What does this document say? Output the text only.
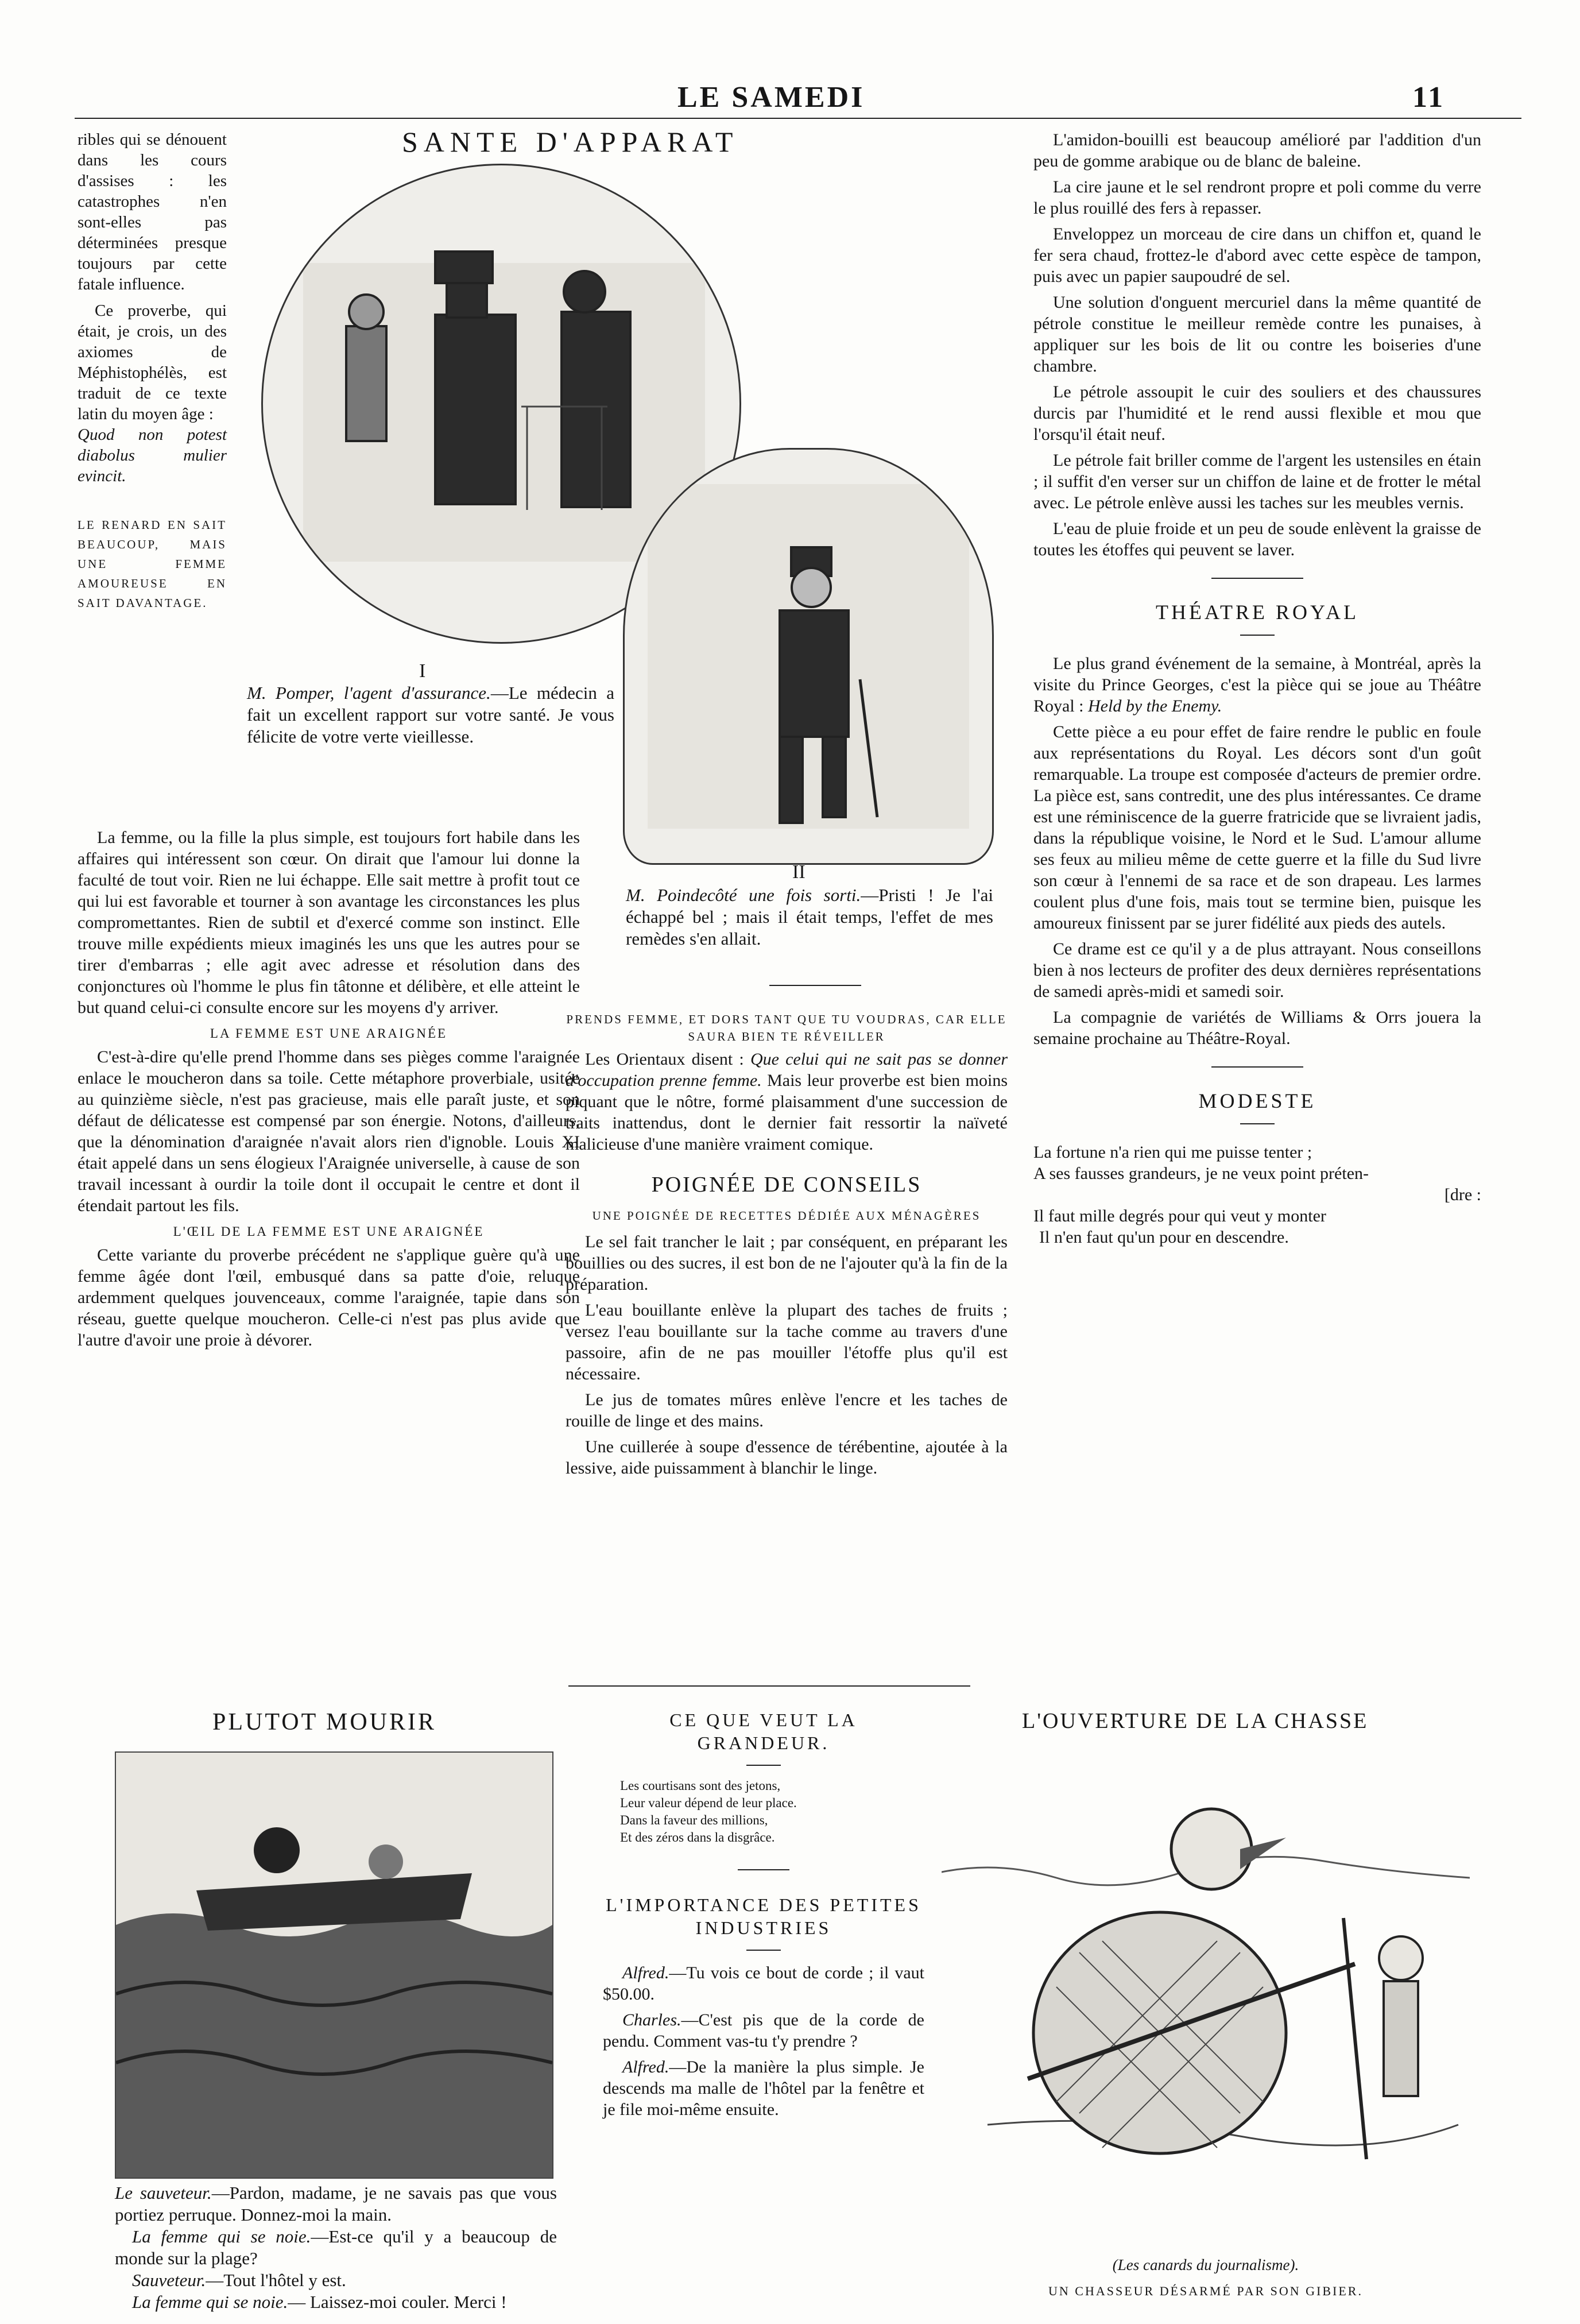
LE SAMEDI	11
ribles qui se dénouent dans les cours d'assises : les catastrophes n'en sont-elles pas déterminées presque toujours par cette fatale influence.
Ce proverbe, qui était, je crois, un des axiomes de Méphistophélès, est traduit de ce texte latin du moyen âge :
Quod non potest diabolus mulier evincit.
LE RENARD EN SAIT BEAUCOUP, MAIS UNE FEMME AMOUREUSE EN SAIT DAVANTAGE.
SANTE D'APPARAT
I
M. Pomper, l'agent d'assurance.—Le médecin a fait un excellent rapport sur votre santé. Je vous félicite de votre verte vieillesse.
II
M. Poindecôté une fois sorti.—Pristi ! Je l'ai échappé bel ; mais il était temps, l'effet de mes remèdes s'en allait.

La femme, ou la fille la plus simple, est toujours fort habile dans les affaires qui intéressent son cœur. On dirait que l'amour lui donne la faculté de tout voir. Rien ne lui échappe. Elle sait mettre à profit tout ce qui lui est favorable et tourner à son avantage les circonstances les plus compromettantes. Rien de subtil et d'exercé comme son instinct. Elle trouve mille expédients mieux imaginés les uns que les autres pour se tirer d'embarras ; elle agit avec adresse et résolution dans des conjonctures où l'homme le plus fin tâtonne et délibère, et elle atteint le but quand celui-ci consulte encore sur les moyens d'y arriver.

LA FEMME EST UNE ARAIGNÉE

C'est-à-dire qu'elle prend l'homme dans ses pièges comme l'araignée enlace le moucheron dans sa toile. Cette métaphore proverbiale, usitée au quinzième siècle, n'est pas gracieuse, mais elle paraît juste, et son défaut de délicatesse est compensé par son énergie. Notons, d'ailleurs, que la dénomination d'araignée n'avait alors rien d'ignoble. Louis XI était appelé dans un sens élogieux l'Araignée universelle, à cause de son travail incessant à ourdir la toile dont il occupait le centre et dont il étendait partout les fils.

L'ŒIL DE LA FEMME EST UNE ARAIGNÉE

Cette variante du proverbe précédent ne s'applique guère qu'à une femme âgée dont l'œil, embusqué dans sa patte d'oie, reluque ardemment quelques jouvenceaux, comme l'araignée, tapie dans son réseau, guette quelque moucheron. Celle-ci n'est pas plus avide que l'autre d'avoir une proie à dévorer.

PRENDS FEMME, ET DORS TANT QUE TU VOUDRAS, CAR ELLE SAURA BIEN TE RÉVEILLER

Les Orientaux disent : Que celui qui ne sait pas se donner d'occupation prenne femme. Mais leur proverbe est bien moins piquant que le nôtre, formé plaisamment d'une succession de traits inattendus, dont le dernier fait ressortir la naïveté malicieuse d'une manière vraiment comique.

POIGNÉE DE CONSEILS
UNE POIGNÉE DE RECETTES DÉDIÉE AUX MÉNAGÈRES

Le sel fait trancher le lait ; par conséquent, en préparant les bouillies ou des sucres, il est bon de ne l'ajouter qu'à la fin de la préparation.

L'eau bouillante enlève la plupart des taches de fruits ; versez l'eau bouillante sur la tache comme au travers d'une passoire, afin de ne pas mouiller l'étoffe plus qu'il est nécessaire.

Le jus de tomates mûres enlève l'encre et les taches de rouille de linge et des mains.

Une cuillerée à soupe d'essence de térébentine, ajoutée à la lessive, aide puissamment à blanchir le linge.

L'amidon-bouilli est beaucoup amélioré par l'addition d'un peu de gomme arabique ou de blanc de baleine.

La cire jaune et le sel rendront propre et poli comme du verre le plus rouillé des fers à repasser.

Enveloppez un morceau de cire dans un chiffon et, quand le fer sera chaud, frottez-le d'abord avec cette espèce de tampon, puis avec un papier saupoudré de sel.

Une solution d'onguent mercuriel dans la même quantité de pétrole constitue le meilleur remède contre les punaises, à appliquer sur les bois de lit ou contre les boiseries d'une chambre.

Le pétrole assoupit le cuir des souliers et des chaussures durcis par l'humidité et le rend aussi flexible et mou que l'orsqu'il était neuf.

Le pétrole fait briller comme de l'argent les ustensiles en étain ; il suffit d'en verser sur un chiffon de laine et de frotter le métal avec. Le pétrole enlève aussi les taches sur les meubles vernis.

L'eau de pluie froide et un peu de soude enlèvent la graisse de toutes les étoffes qui peuvent se laver.

THÉATRE ROYAL

Le plus grand événement de la semaine, à Montréal, après la visite du Prince Georges, c'est la pièce qui se joue au Théâtre Royal : Held by the Enemy.

Cette pièce a eu pour effet de faire rendre le public en foule aux représentations du Royal. Les décors sont d'un goût remarquable. La troupe est composée d'acteurs de premier ordre. La pièce est, sans contredit, une des plus intéressantes. Ce drame est une réminiscence de la guerre fratricide que se livraient jadis, dans la république voisine, le Nord et le Sud. L'amour allume ses feux au milieu même de cette guerre et la fille du Sud livre son cœur à l'ennemi de sa race et de son drapeau. Les larmes coulent plus d'une fois, mais tout se termine bien, puisque les amoureux finissent par se jurer fidélité aux pieds des autels.

Ce drame est ce qu'il y a de plus attrayant. Nous conseillons bien à nos lecteurs de profiter des deux dernières représentations de samedi après-midi et samedi soir.

La compagnie de variétés de Williams & Orrs jouera la semaine prochaine au Théâtre-Royal.

MODESTE
La fortune n'a rien qui me puisse tenter ;
A ses fausses grandeurs, je ne veux point préten-
[dre :
Il faut mille degrés pour qui veut y monter
Il n'en faut qu'un pour en descendre.
PLUTOT MOURIR
Le sauveteur.—Pardon, madame, je ne savais pas que vous portiez perruque. Donnez-moi la main.
La femme qui se noie.—Est-ce qu'il y a beaucoup de monde sur la plage?
Sauveteur.—Tout l'hôtel y est.
La femme qui se noie.— Laissez-moi couler. Merci !
CE QUE VEUT LA GRANDEUR.
Les courtisans sont des jetons,
Leur valeur dépend de leur place.
Dans la faveur des millions,
Et des zéros dans la disgrâce.
L'IMPORTANCE DES PETITES INDUSTRIES

Alfred.—Tu vois ce bout de corde ; il vaut $50.00.

Charles.—C'est pis que de la corde de pendu. Comment vas-tu t'y prendre ?

Alfred.—De la manière la plus simple. Je descends ma malle de l'hôtel par la fenêtre et je file moi-même ensuite.

L'OUVERTURE DE LA CHASSE
(Les canards du journalisme).
UN CHASSEUR DÉSARMÉ PAR SON GIBIER.
